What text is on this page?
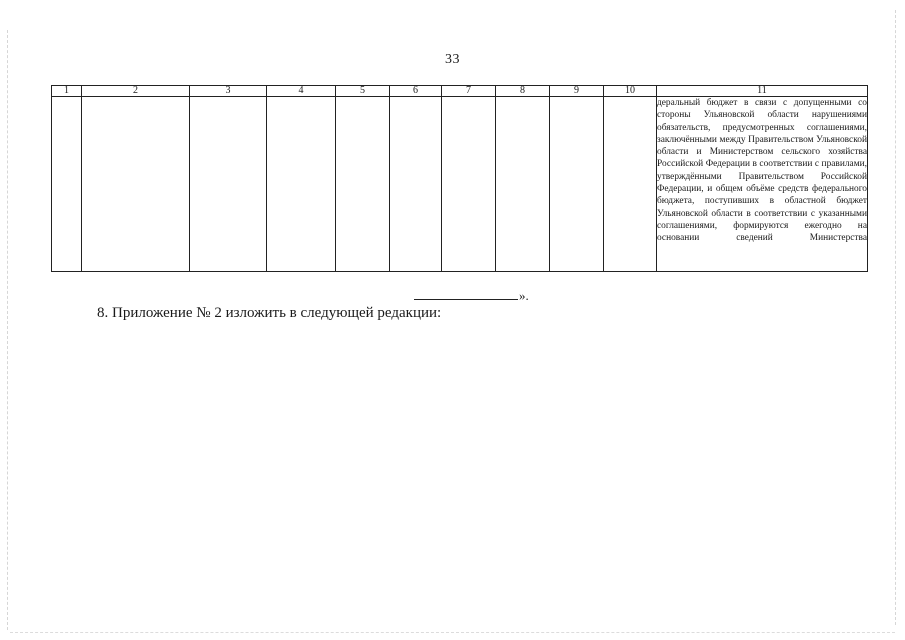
33
1	2	3	4	5	6	7	8	9	10	11

										деральный бюджет в связи с допущенными со стороны Ульяновской области нарушениями обязательств, предусмотренных соглашениями, заключёнными между Правительством Ульяновской области и Министерством сельского хозяйства Российской Федерации в соответствии с правилами, утверждёнными Правительством Российской Федерации, и общем объёме средств федерального бюджета, поступивших в областной бюджет Ульяновской области в соответствии с указанными соглашениями, формируются ежегодно на основании сведений Министерства
».
8. Приложение № 2 изложить в следующей редакции:
